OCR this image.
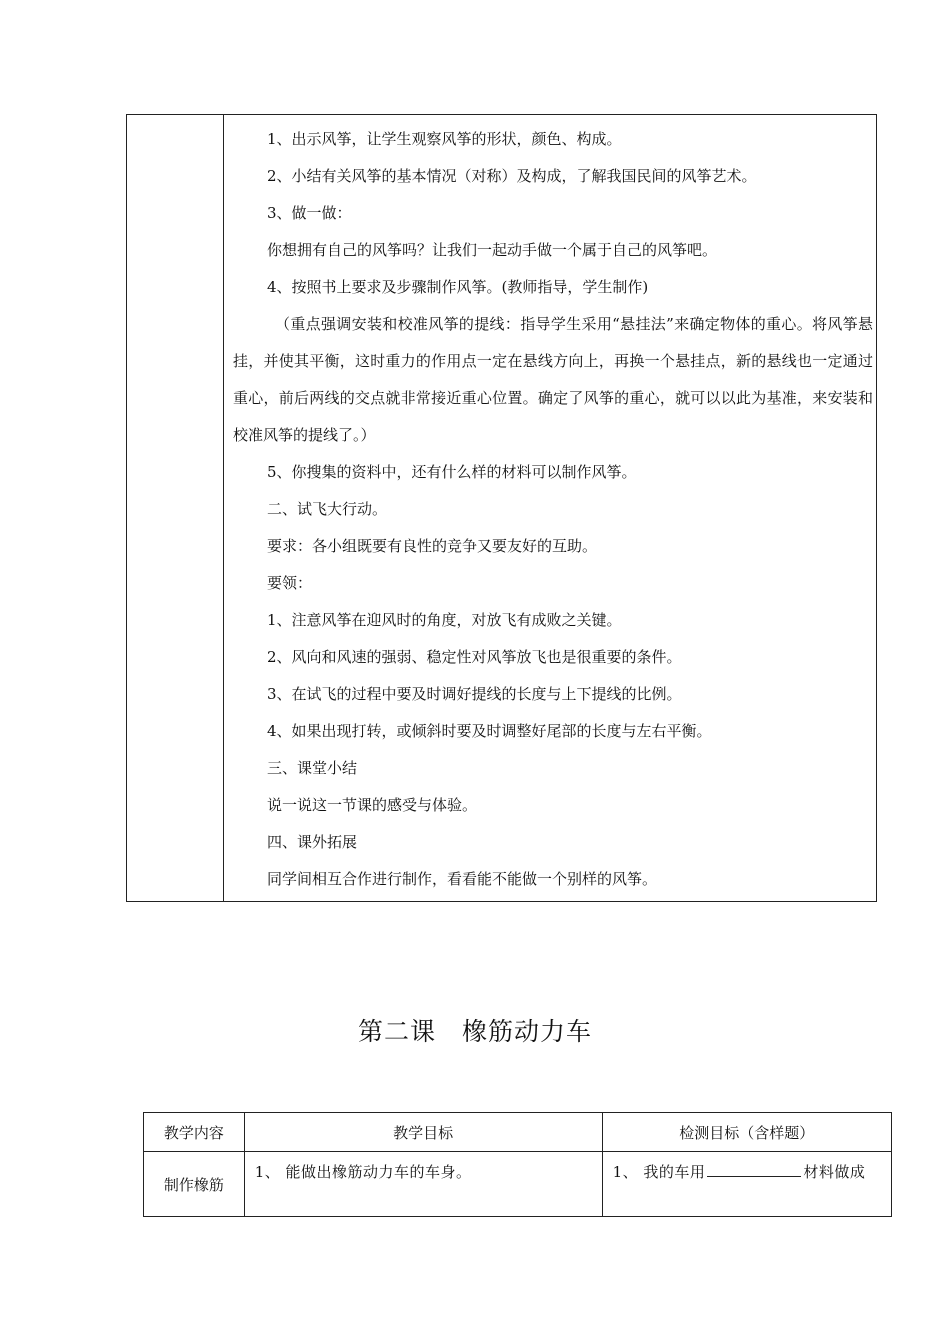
1、出示风筝，让学生观察风筝的形状，颜色、构成。
2、小结有关风筝的基本情况（对称）及构成，了解我国民间的风筝艺术。
3、做一做：
你想拥有自己的风筝吗？让我们一起动手做一个属于自己的风筝吧。
4、按照书上要求及步骤制作风筝。(教师指导，学生制作)
（重点强调安装和校准风筝的提线：指导学生采用“悬挂法”来确定物体的重心。将风筝悬挂，并使其平衡，这时重力的作用点一定在悬线方向上，再换一个悬挂点，新的悬线也一定通过重心，前后两线的交点就非常接近重心位置。确定了风筝的重心，就可以以此为基准，来安装和校准风筝的提线了。）
5、你搜集的资料中，还有什么样的材料可以制作风筝。
二、试飞大行动。
要求：各小组既要有良性的竞争又要友好的互助。
要领：
1、注意风筝在迎风时的角度，对放飞有成败之关键。
2、风向和风速的强弱、稳定性对风筝放飞也是很重要的条件。
3、在试飞的过程中要及时调好提线的长度与上下提线的比例。
4、如果出现打转，或倾斜时要及时调整好尾部的长度与左右平衡。
三、课堂小结
说一说这一节课的感受与体验。
四、课外拓展
同学间相互合作进行制作，看看能不能做一个别样的风筝。
第二课 橡筋动力车
教学内容	教学目标	检测目标（含样题）
制作橡筋	1、 能做出橡筋动力车的车身。	1、 我的车用 材料做成
